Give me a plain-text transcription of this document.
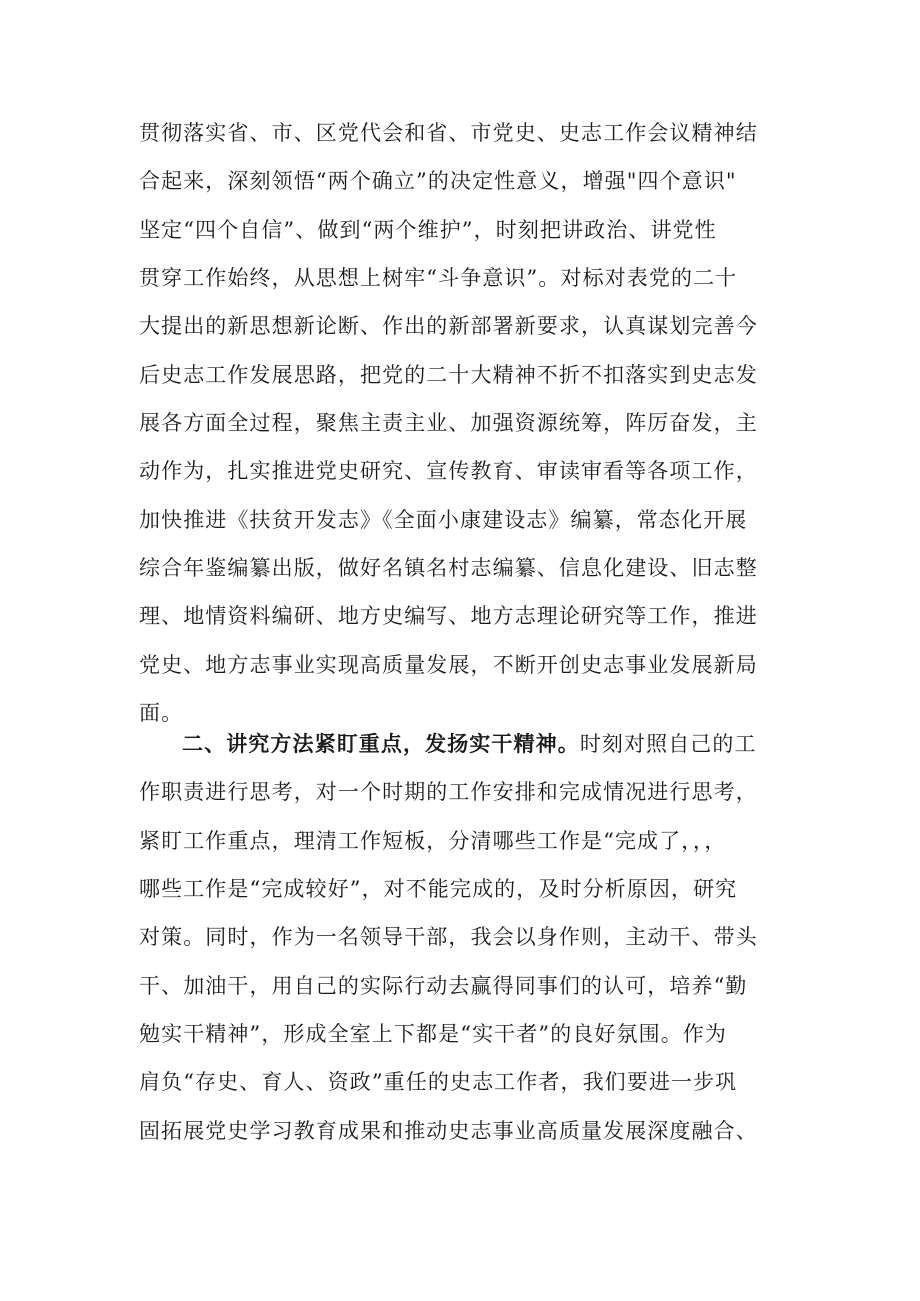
贯彻落实省、市、区党代会和省、市党史、史志工作会议精神结
合起来，深刻领悟“两个确立”的决定性意义，增强"四个意识"
坚定“四个自信”、做到“两个维护”，时刻把讲政治、讲党性
贯穿工作始终，从思想上树牢“斗争意识”。对标对表党的二十
大提出的新思想新论断、作出的新部署新要求，认真谋划完善今
后史志工作发展思路，把党的二十大精神不折不扣落实到史志发
展各方面全过程，聚焦主责主业、加强资源统筹，阵厉奋发，主
动作为，扎实推进党史研究、宣传教育、审读审看等各项工作，
加快推进《扶贫开发志》《全面小康建设志》编纂，常态化开展
综合年鉴编纂出版，做好名镇名村志编纂、信息化建设、旧志整
理、地情资料编研、地方史编写、地方志理论研究等工作，推进
党史、地方志事业实现高质量发展，不断开创史志事业发展新局
面。
二、讲究方法紧盯重点，发扬实干精神。时刻对照自己的工
作职责进行思考，对一个时期的工作安排和完成情况进行思考，
紧盯工作重点，理清工作短板，分清哪些工作是“完成了，，，
哪些工作是“完成较好”，对不能完成的，及时分析原因，研究
对策。同时，作为一名领导干部，我会以身作则，主动干、带头
干、加油干，用自己的实际行动去赢得同事们的认可，培养“勤
勉实干精神”，形成全室上下都是“实干者”的良好氛围。作为
肩负“存史、育人、资政”重任的史志工作者，我们要进一步巩
固拓展党史学习教育成果和推动史志事业高质量发展深度融合、
